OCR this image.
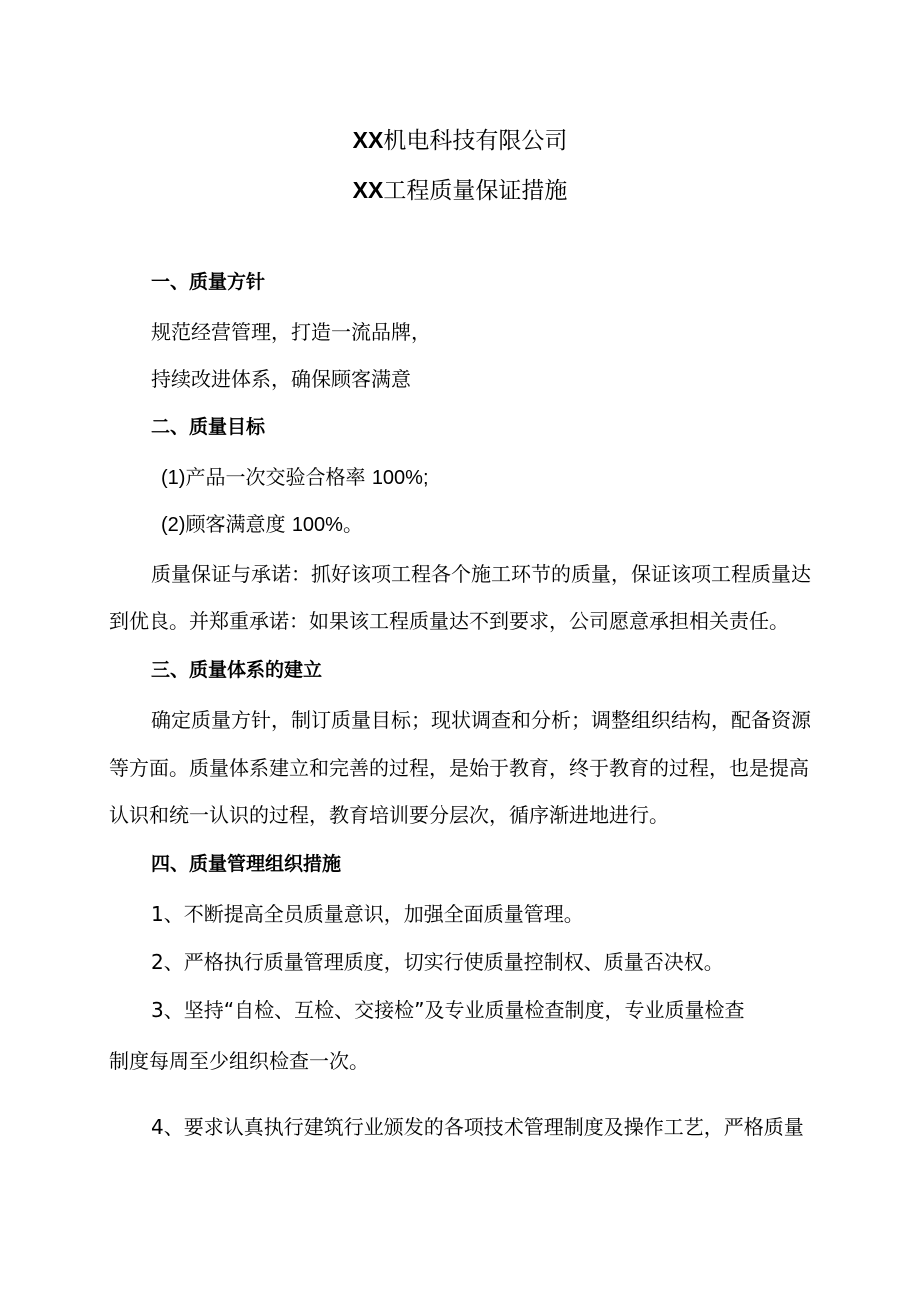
XX机电科技有限公司
XX工程质量保证措施
一、质量方针
规范经营管理，打造一流品牌，
持续改进体系，确保顾客满意
二、质量目标
(1)产品一次交验合格率 100%;
(2)顾客满意度 100%。
质量保证与承诺：抓好该项工程各个施工环节的质量，保证该项工程质量达
到优良。并郑重承诺：如果该工程质量达不到要求，公司愿意承担相关责任。
三、质量体系的建立
确定质量方针，制订质量目标；现状调查和分析；调整组织结构，配备资源
等方面。质量体系建立和完善的过程，是始于教育，终于教育的过程，也是提高
认识和统一认识的过程，教育培训要分层次，循序渐进地进行。
四、质量管理组织措施
1、不断提高全员质量意识，加强全面质量管理。
2、严格执行质量管理质度，切实行使质量控制权、质量否决权。
3、坚持“自检、互检、交接检”及专业质量检查制度，专业质量检查
制度每周至少组织检查一次。
4、要求认真执行建筑行业颁发的各项技术管理制度及操作工艺，严格质量
